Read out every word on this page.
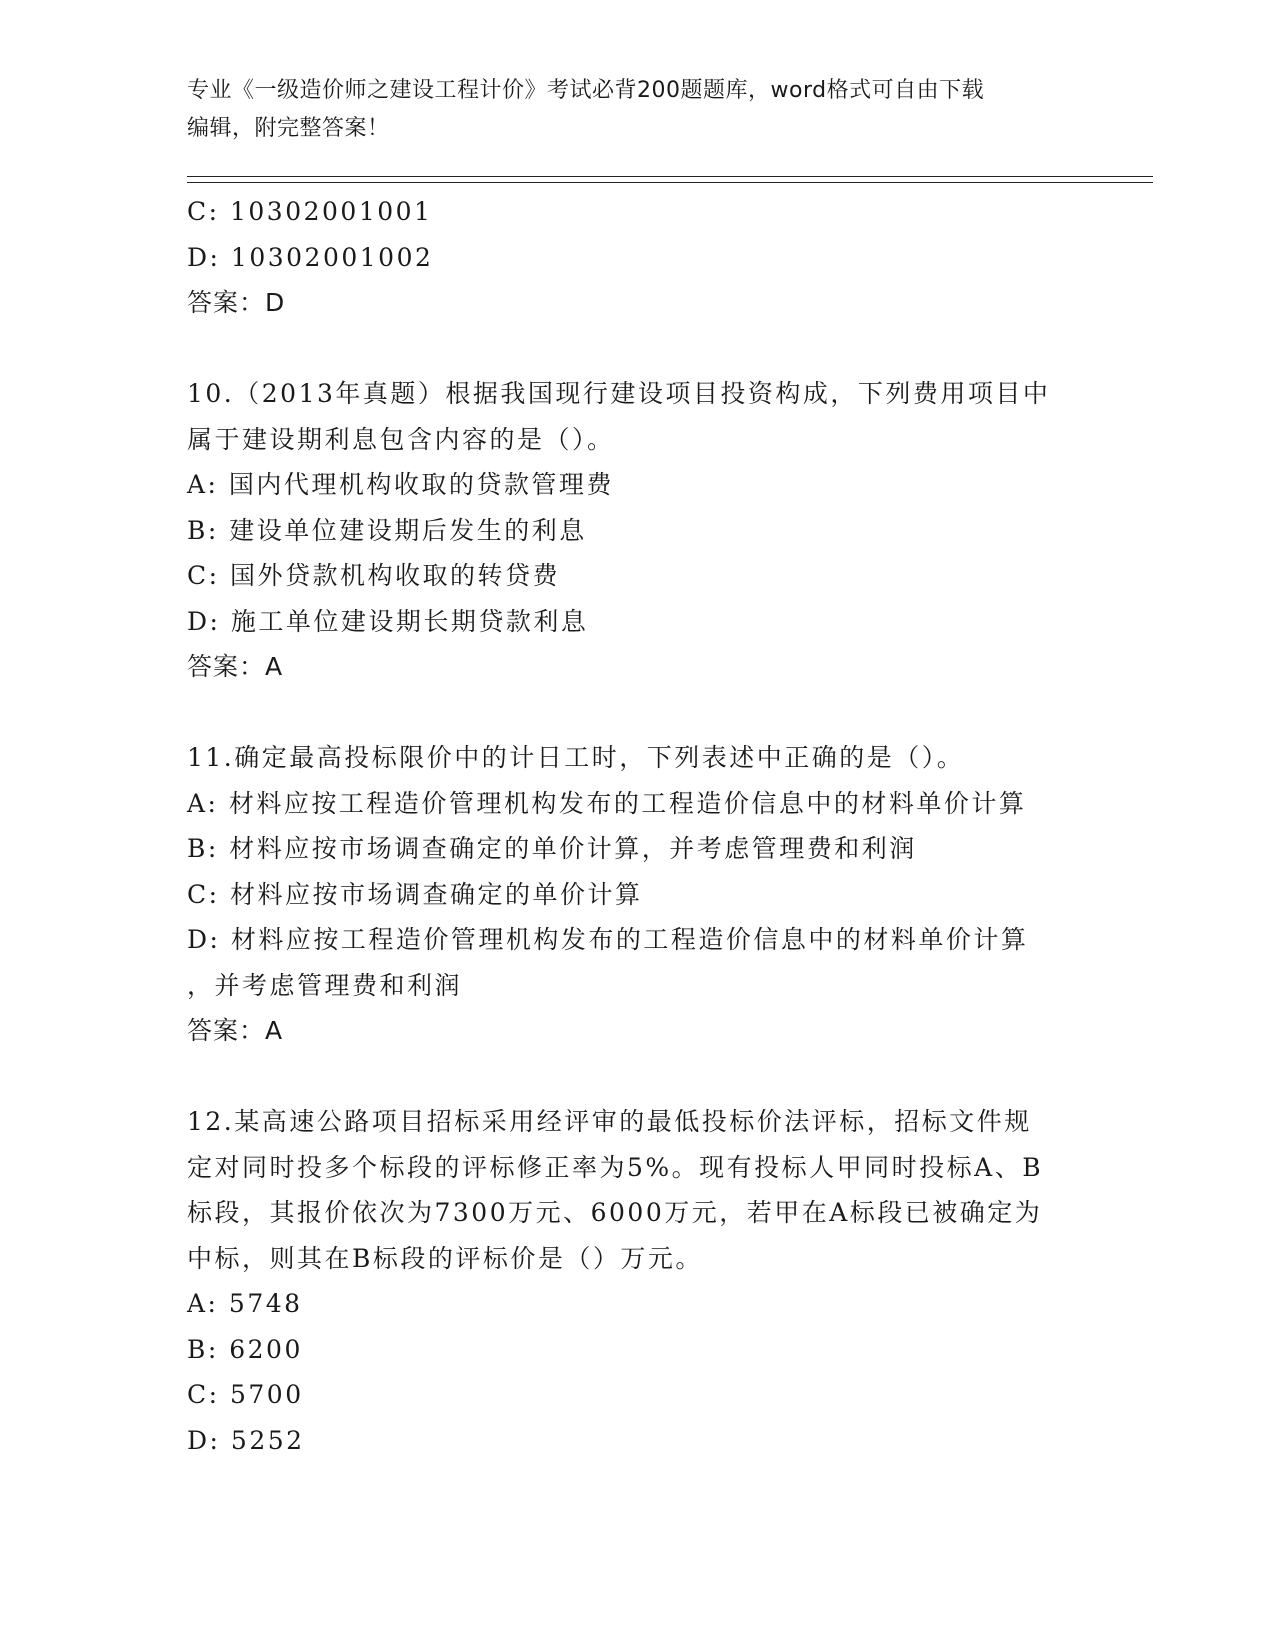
专业《一级造价师之建设工程计价》考试必背200题题库，word格式可自由下载
编辑，附完整答案！
C: 10302001001
D: 10302001002
答案：D
10.（2013年真题）根据我国现行建设项目投资构成，下列费用项目中
属于建设期利息包含内容的是（）。
A: 国内代理机构收取的贷款管理费
B: 建设单位建设期后发生的利息
C: 国外贷款机构收取的转贷费
D: 施工单位建设期长期贷款利息
答案：A
11.确定最高投标限价中的计日工时，下列表述中正确的是（）。
A: 材料应按工程造价管理机构发布的工程造价信息中的材料单价计算
B: 材料应按市场调查确定的单价计算，并考虑管理费和利润
C: 材料应按市场调查确定的单价计算
D: 材料应按工程造价管理机构发布的工程造价信息中的材料单价计算
，并考虑管理费和利润
答案：A
12.某高速公路项目招标采用经评审的最低投标价法评标，招标文件规
定对同时投多个标段的评标修正率为5%。现有投标人甲同时投标A、B
标段，其报价依次为7300万元、6000万元，若甲在A标段已被确定为
中标，则其在B标段的评标价是（）万元。
A: 5748
B: 6200
C: 5700
D: 5252
